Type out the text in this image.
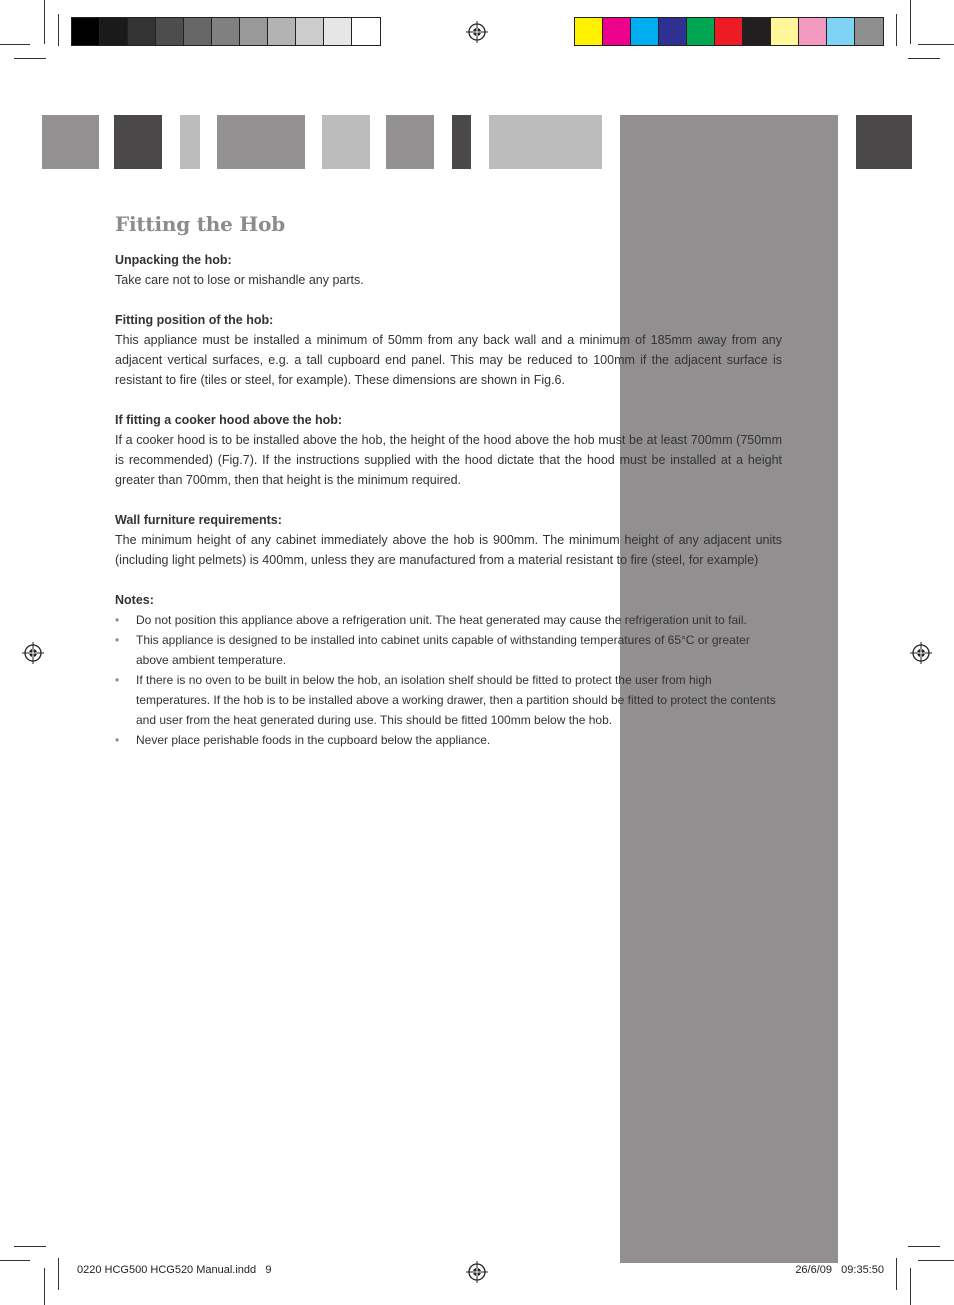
Fitting the Hob

Unpacking the hob:

Take care not to lose or mishandle any parts.

Fitting position of the hob:

This appliance must be installed a minimum of 50mm from any back wall and a minimum of 185mm away from any adjacent vertical surfaces, e.g. a tall cupboard end panel. This may be reduced to 100mm if the adjacent surface is resistant to fire (tiles or steel, for example). These dimensions are shown in Fig.6.

If fitting a cooker hood above the hob:

If a cooker hood is to be installed above the hob, the height of the hood above the hob must be at least 700mm (750mm is recommended) (Fig.7). If the instructions supplied with the hood dictate that the hood must be installed at a height greater than 700mm, then that height is the minimum required.

Wall furniture requirements:

The minimum height of any cabinet immediately above the hob is 900mm. The minimum height of any adjacent units (including light pelmets) is 400mm, unless they are manufactured from a material resistant to fire (steel, for example)

Notes:

• Do not position this appliance above a refrigeration unit. The heat generated may cause the refrigeration unit to fail.
• This appliance is designed to be installed into cabinet units capable of withstanding temperatures of 65°C or greater above ambient temperature.
• If there is no oven to be built in below the hob, an isolation shelf should be fitted to protect the user from high temperatures. If the hob is to be installed above a working drawer, then a partition should be fitted to protect the contents and user from the heat generated during use. This should be fitted 100mm below the hob.
• Never place perishable foods in the cupboard below the appliance.
0220 HCG500 HCG520 Manual.indd   9	26/6/09   09:35:50
